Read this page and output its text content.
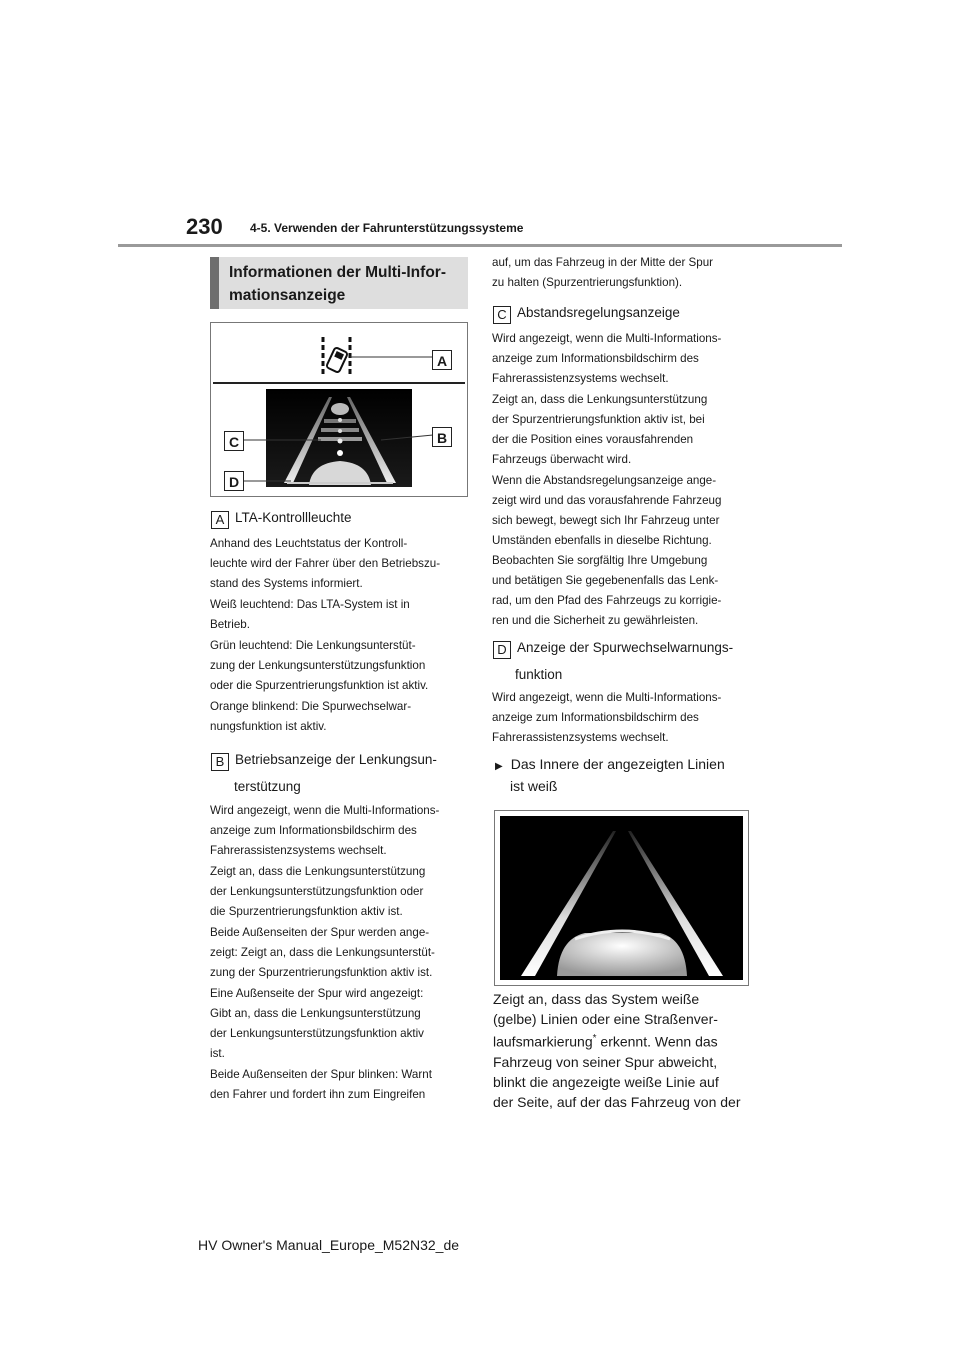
230 4-5. Verwenden der Fahrunterstützungssysteme
Informationen der Multi-Infor-
mationsanzeige
A
B
C
D
A LTA-Kontrollleuchte

Anhand des Leuchtstatus der Kontroll-

leuchte wird der Fahrer über den Betriebszu-

stand des Systems informiert.

Weiß leuchtend: Das LTA-System ist in

Betrieb.

Grün leuchtend: Die Lenkungsunterstüt-

zung der Lenkungsunterstützungsfunktion

oder die Spurzentrierungsfunktion ist aktiv.

Orange blinkend: Die Spurwechselwar-

nungsfunktion ist aktiv.

B Betriebsanzeige der Lenkungsun-
terstützung

Wird angezeigt, wenn die Multi-Informations-

anzeige zum Informationsbildschirm des

Fahrerassistenzsystems wechselt.

Zeigt an, dass die Lenkungsunterstützung

der Lenkungsunterstützungsfunktion oder

die Spurzentrierungsfunktion aktiv ist.

Beide Außenseiten der Spur werden ange-

zeigt: Zeigt an, dass die Lenkungsunterstüt-

zung der Spurzentrierungsfunktion aktiv ist.

Eine Außenseite der Spur wird angezeigt:

Gibt an, dass die Lenkungsunterstützung

der Lenkungsunterstützungsfunktion aktiv

ist.

Beide Außenseiten der Spur blinken: Warnt

den Fahrer und fordert ihn zum Eingreifen

auf, um das Fahrzeug in der Mitte der Spur

zu halten (Spurzentrierungsfunktion).

C Abstandsregelungsanzeige

Wird angezeigt, wenn die Multi-Informations-

anzeige zum Informationsbildschirm des

Fahrerassistenzsystems wechselt.

Zeigt an, dass die Lenkungsunterstützung

der Spurzentrierungsfunktion aktiv ist, bei

der die Position eines vorausfahrenden

Fahrzeugs überwacht wird.

Wenn die Abstandsregelungsanzeige ange-

zeigt wird und das vorausfahrende Fahrzeug

sich bewegt, bewegt sich Ihr Fahrzeug unter

Umständen ebenfalls in dieselbe Richtung.

Beobachten Sie sorgfältig Ihre Umgebung

und betätigen Sie gegebenenfalls das Lenk-

rad, um den Pfad des Fahrzeugs zu korrigie-

ren und die Sicherheit zu gewährleisten.

D Anzeige der Spurwechselwarnungs-
funktion

Wird angezeigt, wenn die Multi-Informations-

anzeige zum Informationsbildschirm des

Fahrerassistenzsystems wechselt.

▶ Das Innere der angezeigten Linien
ist weiß
Zeigt an, dass das System weiße
(gelbe) Linien oder eine Straßenver-
laufsmarkierung* erkennt. Wenn das
Fahrzeug von seiner Spur abweicht,
blinkt die angezeigte weiße Linie auf
der Seite, auf der das Fahrzeug von der
HV Owner's Manual_Europe_M52N32_de
